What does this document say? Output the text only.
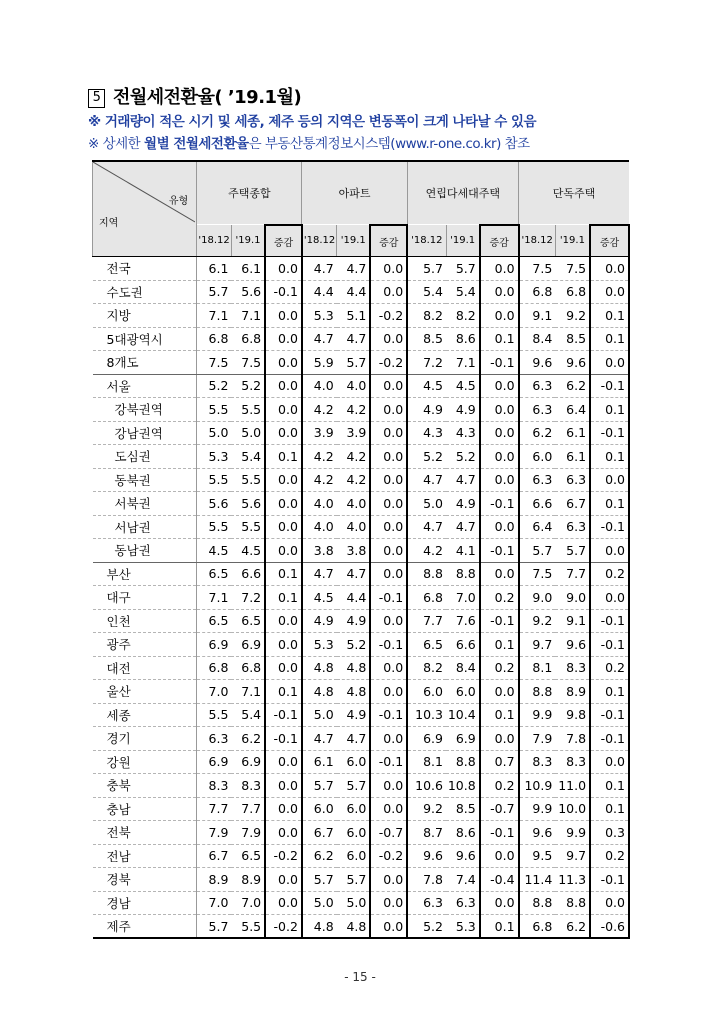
5 전월세전환율( ’19.1월)
※ 거래량이 적은 시기 및 세종, 제주 등의 지역은 변동폭이 크게 나타날 수 있음
※ 상세한 월별 전월세전환율은 부동산통계정보시스템(www.r-one.co.kr) 참조
유형
지역	주택종합			아파트			연립다세대주택			단독주택		
	'18.12	'19.1	증감	'18.12	'19.1	증감	'18.12	'19.1	증감	'18.12	'19.1	증감
전국	6.1	6.1	0.0	4.7	4.7	0.0	5.7	5.7	0.0	7.5	7.5	0.0
수도권	5.7	5.6	-0.1	4.4	4.4	0.0	5.4	5.4	0.0	6.8	6.8	0.0
지방	7.1	7.1	0.0	5.3	5.1	-0.2	8.2	8.2	0.0	9.1	9.2	0.1
5대광역시	6.8	6.8	0.0	4.7	4.7	0.0	8.5	8.6	0.1	8.4	8.5	0.1
8개도	7.5	7.5	0.0	5.9	5.7	-0.2	7.2	7.1	-0.1	9.6	9.6	0.0
서울	5.2	5.2	0.0	4.0	4.0	0.0	4.5	4.5	0.0	6.3	6.2	-0.1
강북권역	5.5	5.5	0.0	4.2	4.2	0.0	4.9	4.9	0.0	6.3	6.4	0.1
강남권역	5.0	5.0	0.0	3.9	3.9	0.0	4.3	4.3	0.0	6.2	6.1	-0.1
도심권	5.3	5.4	0.1	4.2	4.2	0.0	5.2	5.2	0.0	6.0	6.1	0.1
동북권	5.5	5.5	0.0	4.2	4.2	0.0	4.7	4.7	0.0	6.3	6.3	0.0
서북권	5.6	5.6	0.0	4.0	4.0	0.0	5.0	4.9	-0.1	6.6	6.7	0.1
서남권	5.5	5.5	0.0	4.0	4.0	0.0	4.7	4.7	0.0	6.4	6.3	-0.1
동남권	4.5	4.5	0.0	3.8	3.8	0.0	4.2	4.1	-0.1	5.7	5.7	0.0
부산	6.5	6.6	0.1	4.7	4.7	0.0	8.8	8.8	0.0	7.5	7.7	0.2
대구	7.1	7.2	0.1	4.5	4.4	-0.1	6.8	7.0	0.2	9.0	9.0	0.0
인천	6.5	6.5	0.0	4.9	4.9	0.0	7.7	7.6	-0.1	9.2	9.1	-0.1
광주	6.9	6.9	0.0	5.3	5.2	-0.1	6.5	6.6	0.1	9.7	9.6	-0.1
대전	6.8	6.8	0.0	4.8	4.8	0.0	8.2	8.4	0.2	8.1	8.3	0.2
울산	7.0	7.1	0.1	4.8	4.8	0.0	6.0	6.0	0.0	8.8	8.9	0.1
세종	5.5	5.4	-0.1	5.0	4.9	-0.1	10.3	10.4	0.1	9.9	9.8	-0.1
경기	6.3	6.2	-0.1	4.7	4.7	0.0	6.9	6.9	0.0	7.9	7.8	-0.1
강원	6.9	6.9	0.0	6.1	6.0	-0.1	8.1	8.8	0.7	8.3	8.3	0.0
충북	8.3	8.3	0.0	5.7	5.7	0.0	10.6	10.8	0.2	10.9	11.0	0.1
충남	7.7	7.7	0.0	6.0	6.0	0.0	9.2	8.5	-0.7	9.9	10.0	0.1
전북	7.9	7.9	0.0	6.7	6.0	-0.7	8.7	8.6	-0.1	9.6	9.9	0.3
전남	6.7	6.5	-0.2	6.2	6.0	-0.2	9.6	9.6	0.0	9.5	9.7	0.2
경북	8.9	8.9	0.0	5.7	5.7	0.0	7.8	7.4	-0.4	11.4	11.3	-0.1
경남	7.0	7.0	0.0	5.0	5.0	0.0	6.3	6.3	0.0	8.8	8.8	0.0
제주	5.7	5.5	-0.2	4.8	4.8	0.0	5.2	5.3	0.1	6.8	6.2	-0.6
- 15 -
